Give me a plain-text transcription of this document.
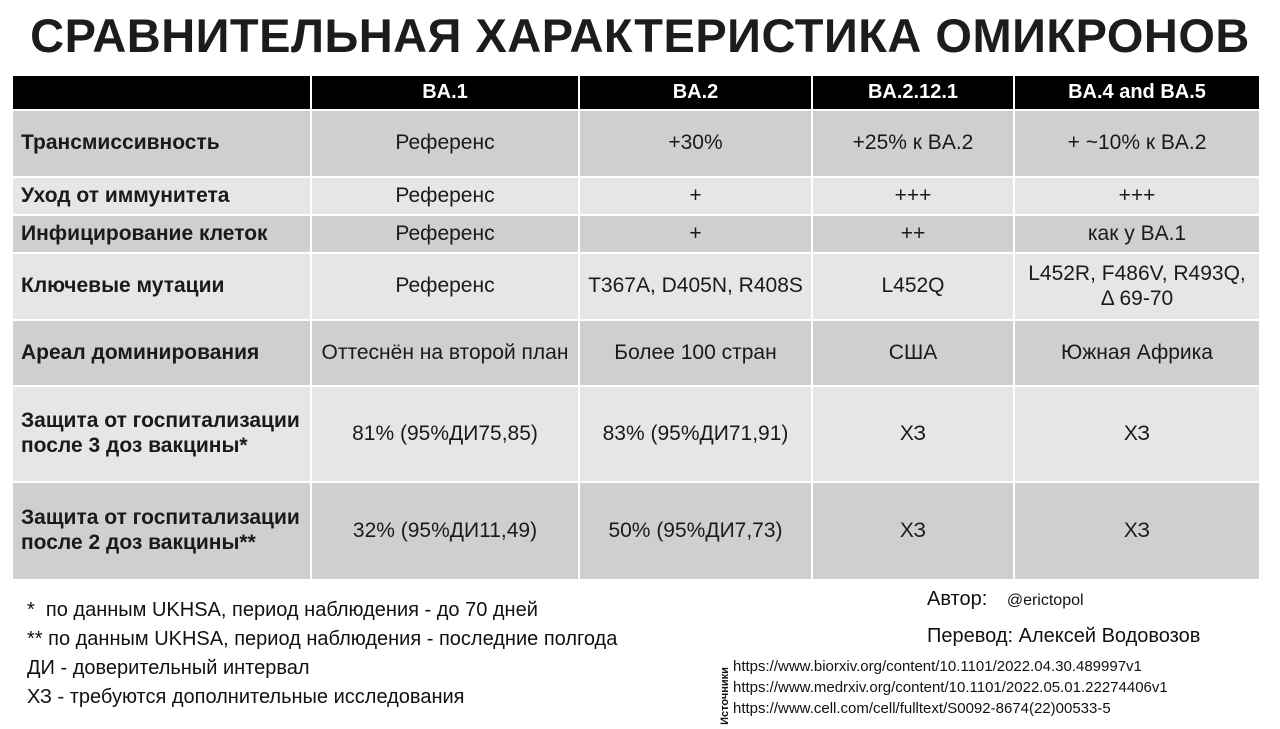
СРАВНИТЕЛЬНАЯ ХАРАКТЕРИСТИКА ОМИКРОНОВ
	BA.1	BA.2	BA.2.12.1	BA.4 and BA.5
Трансмиссивность	Референс	+30%	+25% к BA.2	+ ~10% к BA.2
Уход от иммунитета	Референс	+	+++	+++
Инфицирование клеток	Референс	+	++	как у BA.1
Ключевые мутации	Референс	T367A, D405N, R408S	L452Q	L452R, F486V, R493Q, Δ 69-70
Ареал доминирования	Оттеснён на второй план	Более 100 стран	США	Южная Африка
Защита от госпитализации после 3 доз вакцины*	81% (95%ДИ75,85)	83% (95%ДИ71,91)	ХЗ	ХЗ
Защита от госпитализации после 2 доз вакцины**	32% (95%ДИ11,49)	50% (95%ДИ7,73)	ХЗ	ХЗ
*  по данным UKHSA, период наблюдения - до 70 дней
** по данным UKHSA, период наблюдения - последние полгода
ДИ - доверительный интервал
ХЗ - требуются дополнительные исследования
Автор: @erictopol
Перевод: Алексей Водовозов
Источники
https://www.biorxiv.org/content/10.1101/2022.04.30.489997v1
https://www.medrxiv.org/content/10.1101/2022.05.01.22274406v1
https://www.cell.com/cell/fulltext/S0092-8674(22)00533-5
